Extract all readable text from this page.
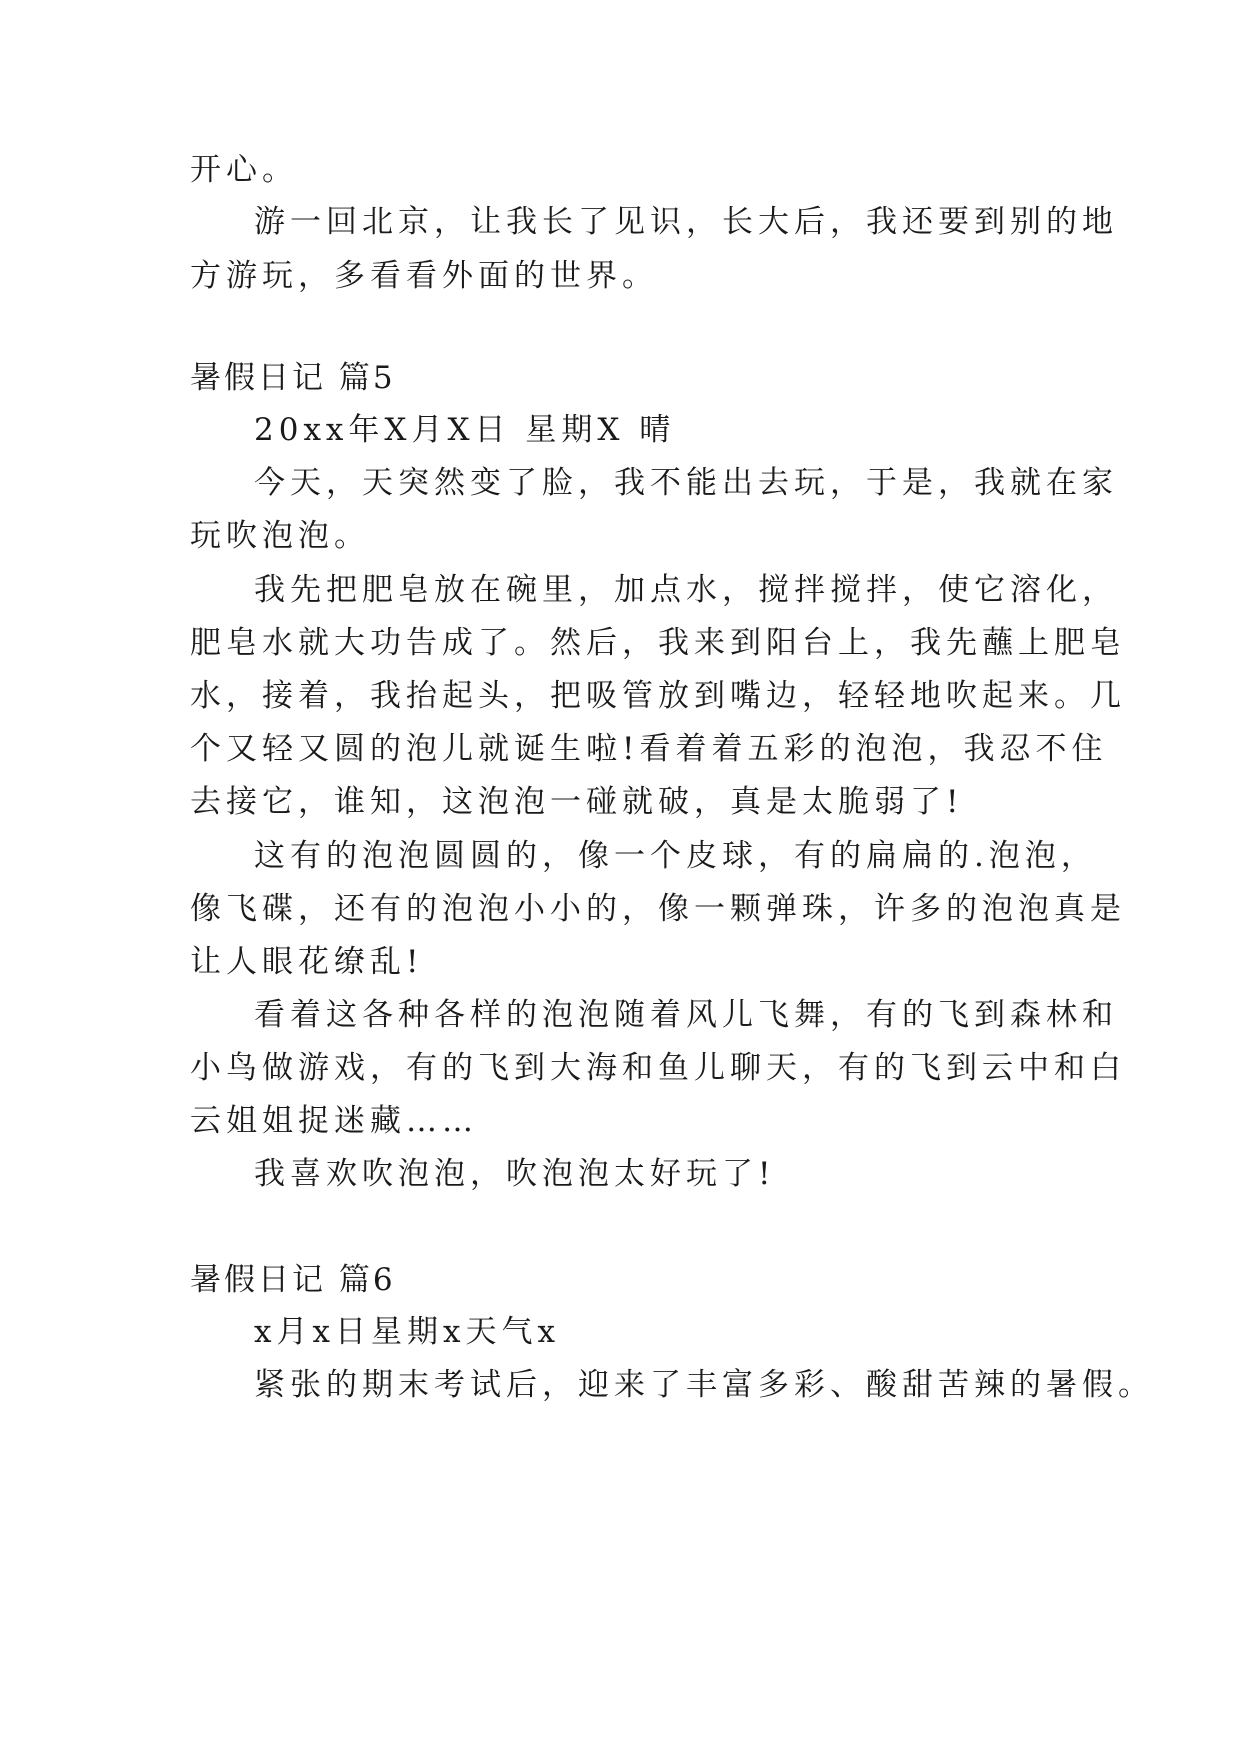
开心。
游一回北京，让我长了见识，长大后，我还要到别的地
方游玩，多看看外面的世界。
暑假日记 篇5
20xx年X月X日 星期X 晴
今天，天突然变了脸，我不能出去玩，于是，我就在家
玩吹泡泡。
我先把肥皂放在碗里，加点水，搅拌搅拌，使它溶化，
肥皂水就大功告成了。然后，我来到阳台上，我先蘸上肥皂
水，接着，我抬起头，把吸管放到嘴边，轻轻地吹起来。几
个又轻又圆的泡儿就诞生啦!看着着五彩的泡泡，我忍不住
去接它，谁知，这泡泡一碰就破，真是太脆弱了!
这有的泡泡圆圆的，像一个皮球，有的扁扁的.泡泡，
像飞碟，还有的泡泡小小的，像一颗弹珠，许多的泡泡真是
让人眼花缭乱!
看着这各种各样的泡泡随着风儿飞舞，有的飞到森林和
小鸟做游戏，有的飞到大海和鱼儿聊天，有的飞到云中和白
云姐姐捉迷藏……
我喜欢吹泡泡，吹泡泡太好玩了!
暑假日记 篇6
x月x日星期x天气x
紧张的期末考试后，迎来了丰富多彩、酸甜苦辣的暑假。
